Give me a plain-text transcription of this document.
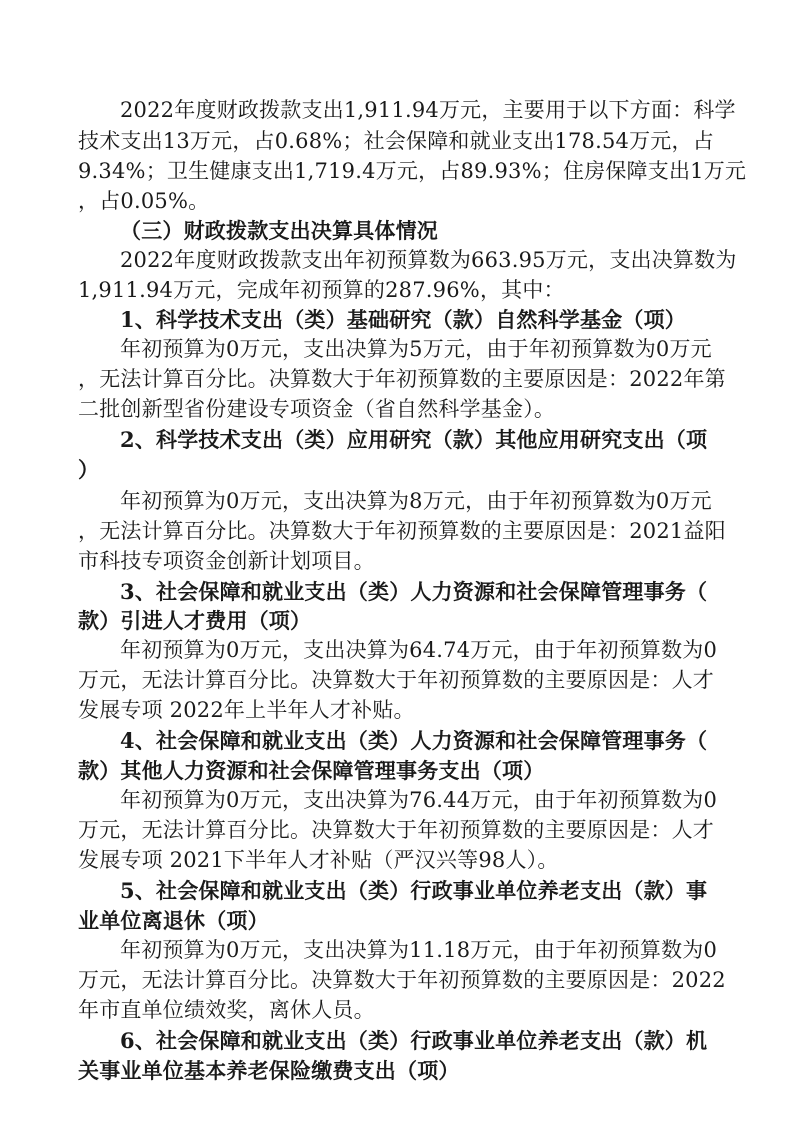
2022年度财政拨款支出1,911.94万元，主要用于以下方面：科学
技术支出13万元，占0.68%；社会保障和就业支出178.54万元，占
9.34%；卫生健康支出1,719.4万元，占89.93%；住房保障支出1万元
，占0.05%。
（三）财政拨款支出决算具体情况
2022年度财政拨款支出年初预算数为663.95万元，支出决算数为
1,911.94万元，完成年初预算的287.96%，其中：
1、科学技术支出（类）基础研究（款）自然科学基金（项）
年初预算为0万元，支出决算为5万元，由于年初预算数为0万元
，无法计算百分比。决算数大于年初预算数的主要原因是：2022年第
二批创新型省份建设专项资金（省自然科学基金）。
2、科学技术支出（类）应用研究（款）其他应用研究支出（项
）
年初预算为0万元，支出决算为8万元，由于年初预算数为0万元
，无法计算百分比。决算数大于年初预算数的主要原因是：2021益阳
市科技专项资金创新计划项目。
3、社会保障和就业支出（类）人力资源和社会保障管理事务（
款）引进人才费用（项）
年初预算为0万元，支出决算为64.74万元，由于年初预算数为0
万元，无法计算百分比。决算数大于年初预算数的主要原因是：人才
发展专项 2022年上半年人才补贴。
4、社会保障和就业支出（类）人力资源和社会保障管理事务（
款）其他人力资源和社会保障管理事务支出（项）
年初预算为0万元，支出决算为76.44万元，由于年初预算数为0
万元，无法计算百分比。决算数大于年初预算数的主要原因是：人才
发展专项 2021下半年人才补贴（严汉兴等98人）。
5、社会保障和就业支出（类）行政事业单位养老支出（款）事
业单位离退休（项）
年初预算为0万元，支出决算为11.18万元，由于年初预算数为0
万元，无法计算百分比。决算数大于年初预算数的主要原因是：2022
年市直单位绩效奖，离休人员。
6、社会保障和就业支出（类）行政事业单位养老支出（款）机
关事业单位基本养老保险缴费支出（项）
